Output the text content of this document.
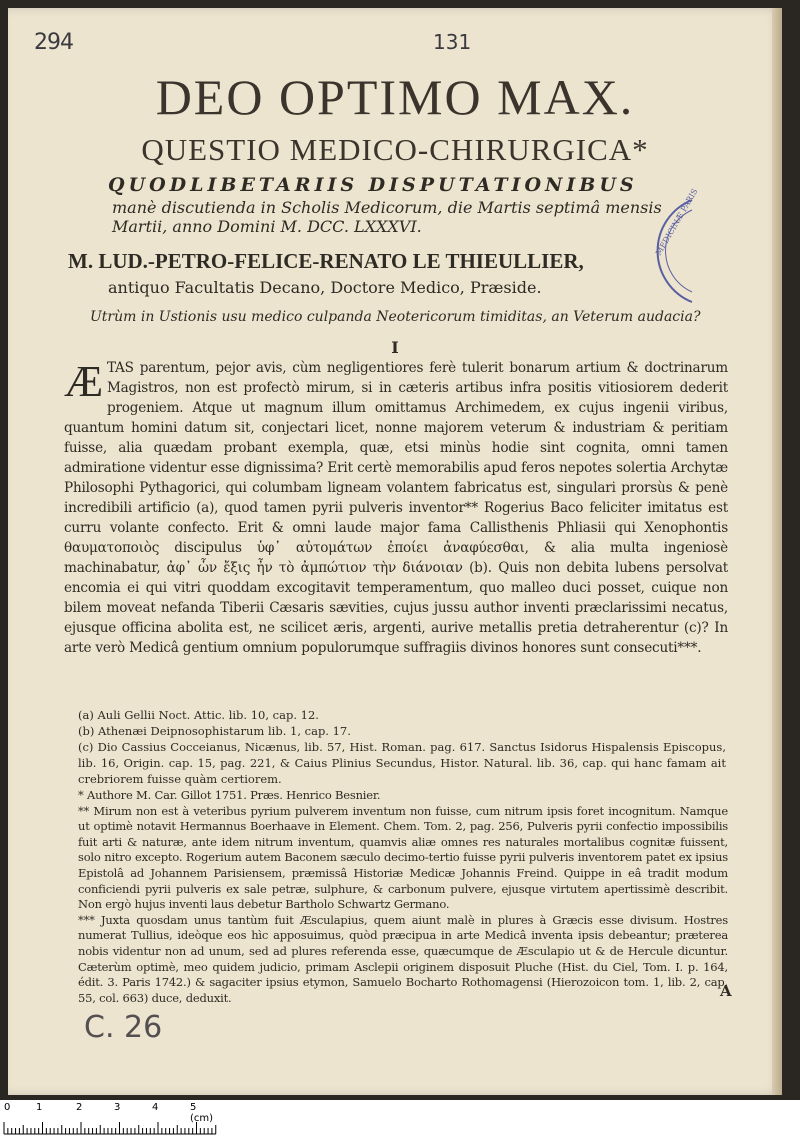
294	131
DEO OPTIMO MAX.
QUESTIO MEDICO-CHIRURGICA*
QUODLIBETARIIS DISPUTATIONIBUS
manè discutienda in Scholis Medicorum, die Martis septimâ mensis Martii, anno Domini M. DCC. LXXXVI.
M. LUD.-PETRO-FELICE-RENATO LE THIEULLIER,
antiquo Facultatis Decano, Doctore Medico, Præside.
Utrùm in Ustionis usu medico culpanda Neotericorum timiditas, an Veterum audacia?
MEDICINÆ PARIS
I
ÆTAS parentum, pejor avis, cùm negligentiores ferè tulerit bonarum artium & doctrinarum Magistros, non est profectò mirum, si in cæteris artibus infra positis vitiosiorem dederit progeniem. Atque ut magnum illum omittamus Archimedem, ex cujus ingenii viribus, quantum homini datum sit, conjectari licet, nonne majorem veterum & industriam & peritiam fuisse, alia quædam probant exempla, quæ, etsi minùs hodie sint cognita, omni tamen admiratione videntur esse dignissima? Erit certè memorabilis apud feros nepotes solertia Archytæ Philosophi Pythagorici, qui columbam ligneam volantem fabricatus est, singulari prorsùs & penè incredibili artificio (a), quod tamen pyrii pulveris inventor** Rogerius Baco feliciter imitatus est curru volante confecto. Erit & omni laude major fama Callisthenis Phliasii qui Xenophontis θαυματοποιὸς discipulus ὑφ᾽ αὐτομάτων ἐποίει ἀναφύεσθαι, & alia multa ingeniosè machinabatur, ἀφ᾽ ὧν ἔξις ἦν τὸ ἀμπώτιον τὴν διάνοιαν (b). Quis non debita lubens persolvat encomia ei qui vitri quoddam excogitavit temperamentum, quo malleo duci posset, cuique non bilem moveat nefanda Tiberii Cæsaris sævities, cujus jussu author inventi præclarissimi necatus, ejusque officina abolita est, ne scilicet æris, argenti, aurive metallis pretia detraherentur (c)? In arte verò Medicâ gentium omnium populorumque suffragiis divinos honores sunt consecuti***.
(a) Auli Gellii Noct. Attic. lib. 10, cap. 12.
(b) Athenæi Deipnosophistarum lib. 1, cap. 17.
(c) Dio Cassius Cocceianus, Nicænus, lib. 57, Hist. Roman. pag. 617. Sanctus Isidorus Hispalensis Episcopus, lib. 16, Origin. cap. 15, pag. 221, & Caius Plinius Secundus, Histor. Natural. lib. 36, cap. qui hanc famam ait crebriorem fuisse quàm certiorem.

* Authore M. Car. Gillot 1751. Præs. Henrico Besnier.

** Mirum non est à veteribus pyrium pulverem inventum non fuisse, cum nitrum ipsis foret incognitum. Namque ut optimè notavit Hermannus Boerhaave in Element. Chem. Tom. 2, pag. 256, Pulveris pyrii confectio impossibilis fuit arti & naturæ, ante idem nitrum inventum, quamvis aliæ omnes res naturales mortalibus cognitæ fuissent, solo nitro excepto. Rogerium autem Baconem sæculo decimo-tertio fuisse pyrii pulveris inventorem patet ex ipsius Epistolâ ad Johannem Parisiensem, præmissâ Historiæ Medicæ Johannis Freind. Quippe in eâ tradit modum conficiendi pyrii pulveris ex sale petræ, sulphure, & carbonum pulvere, ejusque virtutem apertissimè describit. Non ergò hujus inventi laus debetur Bartholo Schwartz Germano.

*** Juxta quosdam unus tantùm fuit Æsculapius, quem aiunt malè in plures à Græcis esse divisum. Hostres numerat Tullius, ideòque eos hìc apposuimus, quòd præcipua in arte Medicâ inventa ipsis debeantur; præterea nobis videntur non ad unum, sed ad plures referenda esse, quæcumque de Æsculapio ut & de Hercule dicuntur. Cæterùm optimè, meo quidem judicio, primam Asclepii originem disposuit Pluche (Hist. du Ciel, Tom. I. p. 164, édit. 3. Paris 1742.) & sagaciter ipsius etymon, Samuelo Bocharto Rothomagensi (Hierozoicon tom. 1, lib. 2, cap. 55, col. 663) duce, deduxit.	A
C. 26
0	1	2	3	4	5 (cm)
